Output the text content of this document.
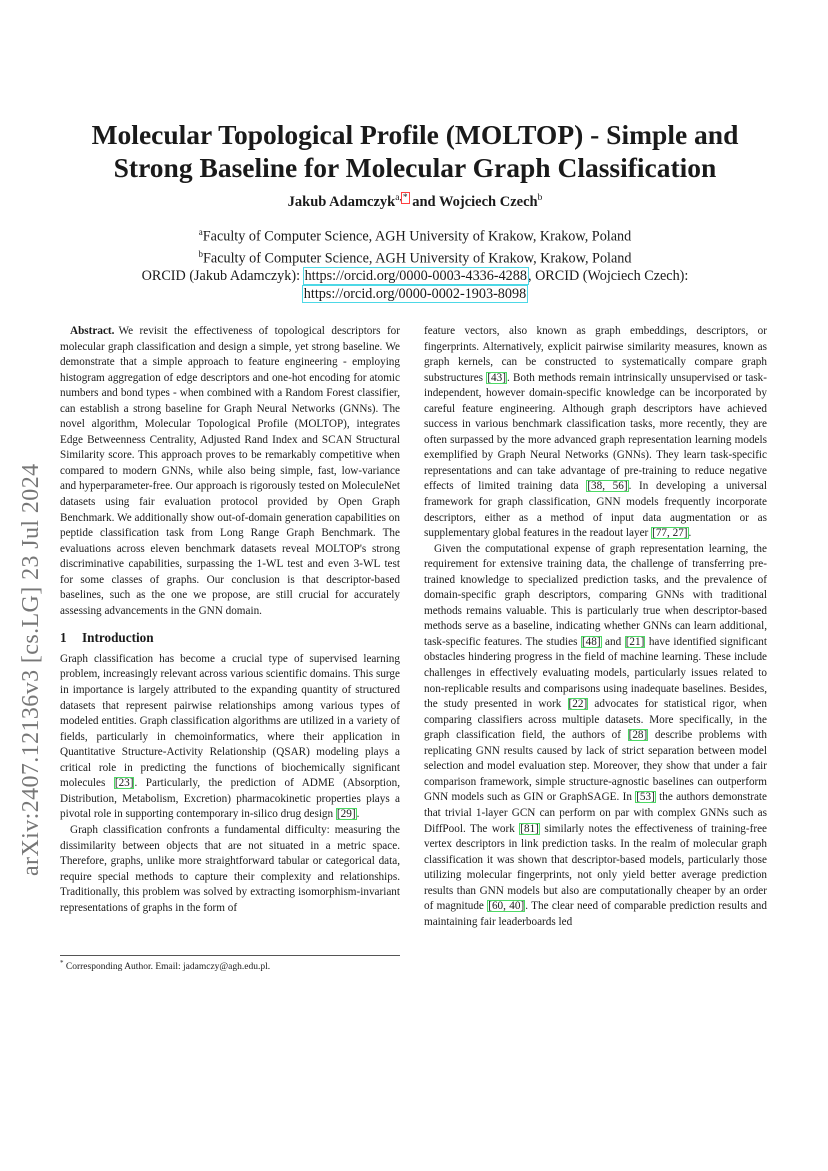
arXiv:2407.12136v3 [cs.LG] 23 Jul 2024
Molecular Topological Profile (MOLTOP) - Simple and
Strong Baseline for Molecular Graph Classification
Jakub Adamczyk$^{a,*}$ and Wojciech Czech$^b$
$^a$Faculty of Computer Science, AGH University of Krakow, Krakow, Poland
$^b$Faculty of Computer Science, AGH University of Krakow, Krakow, Poland
ORCID (Jakub Adamczyk): https://orcid.org/0000-0003-4336-4288, ORCID (Wojciech Czech):
https://orcid.org/0000-0002-1903-8098

Abstract. We revisit the effectiveness of topological descriptors for molecular graph classification and design a simple, yet strong baseline. We demonstrate that a simple approach to feature engineering - employing histogram aggregation of edge descriptors and one-hot encoding for atomic numbers and bond types - when combined with a Random Forest classifier, can establish a strong baseline for Graph Neural Networks (GNNs). The novel algorithm, Molecular Topological Profile (MOLTOP), integrates Edge Betweenness Centrality, Adjusted Rand Index and SCAN Structural Similarity score. This approach proves to be remarkably competitive when compared to modern GNNs, while also being simple, fast, low-variance and hyperparameter-free. Our approach is rigorously tested on MoleculeNet datasets using fair evaluation protocol provided by Open Graph Benchmark. We additionally show out-of-domain generation capabilities on peptide classification task from Long Range Graph Benchmark. The evaluations across eleven benchmark datasets reveal MOLTOP's strong discriminative capabilities, surpassing the 1-WL test and even 3-WL test for some classes of graphs. Our conclusion is that descriptor-based baselines, such as the one we propose, are still crucial for accurately assessing advancements in the GNN domain.

1 Introduction

Graph classification has become a crucial type of supervised learning problem, increasingly relevant across various scientific domains. This surge in importance is largely attributed to the expanding quantity of structured datasets that represent pairwise relationships among various types of modeled entities. Graph classification algorithms are utilized in a variety of fields, particularly in chemoinformatics, where their application in Quantitative Structure-Activity Relationship (QSAR) modeling plays a critical role in predicting the functions of biochemically significant molecules [23]. Particularly, the prediction of ADME (Absorption, Distribution, Metabolism, Excretion) pharmacokinetic properties plays a pivotal role in supporting contemporary in-silico drug design [29].

Graph classification confronts a fundamental difficulty: measuring the dissimilarity between objects that are not situated in a metric space. Therefore, graphs, unlike more straightforward tabular or categorical data, require special methods to capture their complexity and relationships. Traditionally, this problem was solved by extracting isomorphism-invariant representations of graphs in the form of

feature vectors, also known as graph embeddings, descriptors, or fingerprints. Alternatively, explicit pairwise similarity measures, known as graph kernels, can be constructed to systematically compare graph substructures [43]. Both methods remain intrinsically unsupervised or task-independent, however domain-specific knowledge can be incorporated by careful feature engineering. Although graph descriptors have achieved success in various benchmark classification tasks, more recently, they are often surpassed by the more advanced graph representation learning models exemplified by Graph Neural Networks (GNNs). They learn task-specific representations and can take advantage of pre-training to reduce negative effects of limited training data [38, 56]. In developing a universal framework for graph classification, GNN models frequently incorporate descriptors, either as a method of input data augmentation or as supplementary global features in the readout layer [77, 27].

Given the computational expense of graph representation learning, the requirement for extensive training data, the challenge of transferring pre-trained knowledge to specialized prediction tasks, and the prevalence of domain-specific graph descriptors, comparing GNNs with traditional methods remains valuable. This is particularly true when descriptor-based methods serve as a baseline, indicating whether GNNs can learn additional, task-specific features. The studies [48] and [21] have identified significant obstacles hindering progress in the field of machine learning. These include challenges in effectively evaluating models, particularly issues related to non-replicable results and comparisons using inadequate baselines. Besides, the study presented in work [22] advocates for statistical rigor, when comparing classifiers across multiple datasets. More specifically, in the graph classification field, the authors of [28] describe problems with replicating GNN results caused by lack of strict separation between model selection and model evaluation step. Moreover, they show that under a fair comparison framework, simple structure-agnostic baselines can outperform GNN models such as GIN or GraphSAGE. In [53] the authors demonstrate that trivial 1-layer GCN can perform on par with complex GNNs such as DiffPool. The work [81] similarly notes the effectiveness of training-free vertex descriptors in link prediction tasks. In the realm of molecular graph classification it was shown that descriptor-based models, particularly those utilizing molecular fingerprints, not only yield better average prediction results than GNN models but also are computationally cheaper by an order of magnitude [60, 40]. The clear need of comparable prediction results and maintaining fair leaderboards led

* Corresponding Author. Email: jadamczy@agh.edu.pl.
